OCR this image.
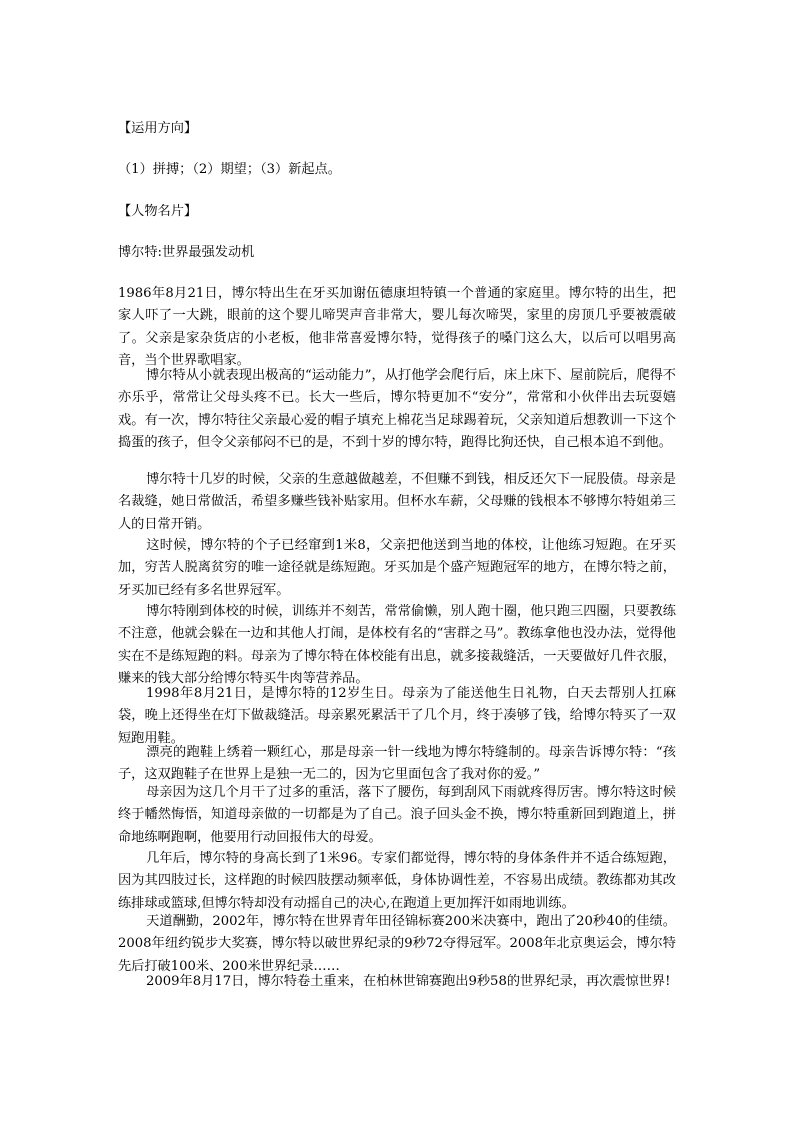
【运用方向】
（1）拼搏；（2）期望；（3）新起点。
【人物名片】
博尔特:世界最强发动机
1986年8月21日，博尔特出生在牙买加谢伍德康坦特镇一个普通的家庭里。博尔特的出生，把家人吓了一大跳，眼前的这个婴儿啼哭声音非常大，婴儿每次啼哭，家里的房顶几乎要被震破了。父亲是家杂货店的小老板，他非常喜爱博尔特，觉得孩子的嗓门这么大，以后可以唱男高音，当个世界歌唱家。
博尔特从小就表现出极高的“运动能力”，从打他学会爬行后，床上床下、屋前院后，爬得不亦乐乎，常常让父母头疼不已。长大一些后，博尔特更加不“安分”，常常和小伙伴出去玩耍嬉戏。有一次，博尔特往父亲最心爱的帽子填充上棉花当足球踢着玩，父亲知道后想教训一下这个捣蛋的孩子，但令父亲郁闷不已的是，不到十岁的博尔特，跑得比狗还快，自己根本追不到他。
博尔特十几岁的时候，父亲的生意越做越差，不但赚不到钱，相反还欠下一屁股债。母亲是名裁缝，她日常做活，希望多赚些钱补贴家用。但杯水车薪，父母赚的钱根本不够博尔特姐弟三人的日常开销。
这时候，博尔特的个子已经窜到1米8，父亲把他送到当地的体校，让他练习短跑。在牙买加，穷苦人脱离贫穷的唯一途径就是练短跑。牙买加是个盛产短跑冠军的地方，在博尔特之前，牙买加已经有多名世界冠军。
博尔特刚到体校的时候，训练并不刻苦，常常偷懒，别人跑十圈，他只跑三四圈，只要教练不注意，他就会躲在一边和其他人打闹，是体校有名的“害群之马”。教练拿他也没办法，觉得他实在不是练短跑的料。母亲为了博尔特在体校能有出息，就多接裁缝活，一天要做好几件衣服，赚来的钱大部分给博尔特买牛肉等营养品。
1998年8月21日，是博尔特的12岁生日。母亲为了能送他生日礼物，白天去帮别人扛麻袋，晚上还得坐在灯下做裁缝活。母亲累死累活干了几个月，终于凑够了钱，给博尔特买了一双短跑用鞋。
漂亮的跑鞋上绣着一颗红心，那是母亲一针一线地为博尔特缝制的。母亲告诉博尔特：“孩子，这双跑鞋子在世界上是独一无二的，因为它里面包含了我对你的爱。”
母亲因为这几个月干了过多的重活，落下了腰伤，每到刮风下雨就疼得厉害。博尔特这时候终于幡然悔悟，知道母亲做的一切都是为了自己。浪子回头金不换，博尔特重新回到跑道上，拼命地练啊跑啊，他要用行动回报伟大的母爱。
几年后，博尔特的身高长到了1米96。专家们都觉得，博尔特的身体条件并不适合练短跑，因为其四肢过长，这样跑的时候四肢摆动频率低，身体协调性差，不容易出成绩。教练都劝其改练排球或篮球,但博尔特却没有动摇自己的决心,在跑道上更加挥汗如雨地训练。
天道酬勤，2002年，博尔特在世界青年田径锦标赛200米决赛中，跑出了20秒40的佳绩。2008年纽约锐步大奖赛，博尔特以破世界纪录的9秒72夺得冠军。2008年北京奥运会，博尔特先后打破100米、200米世界纪录……
2009年8月17日，博尔特卷土重来，在柏林世锦赛跑出9秒58的世界纪录，再次震惊世界!
